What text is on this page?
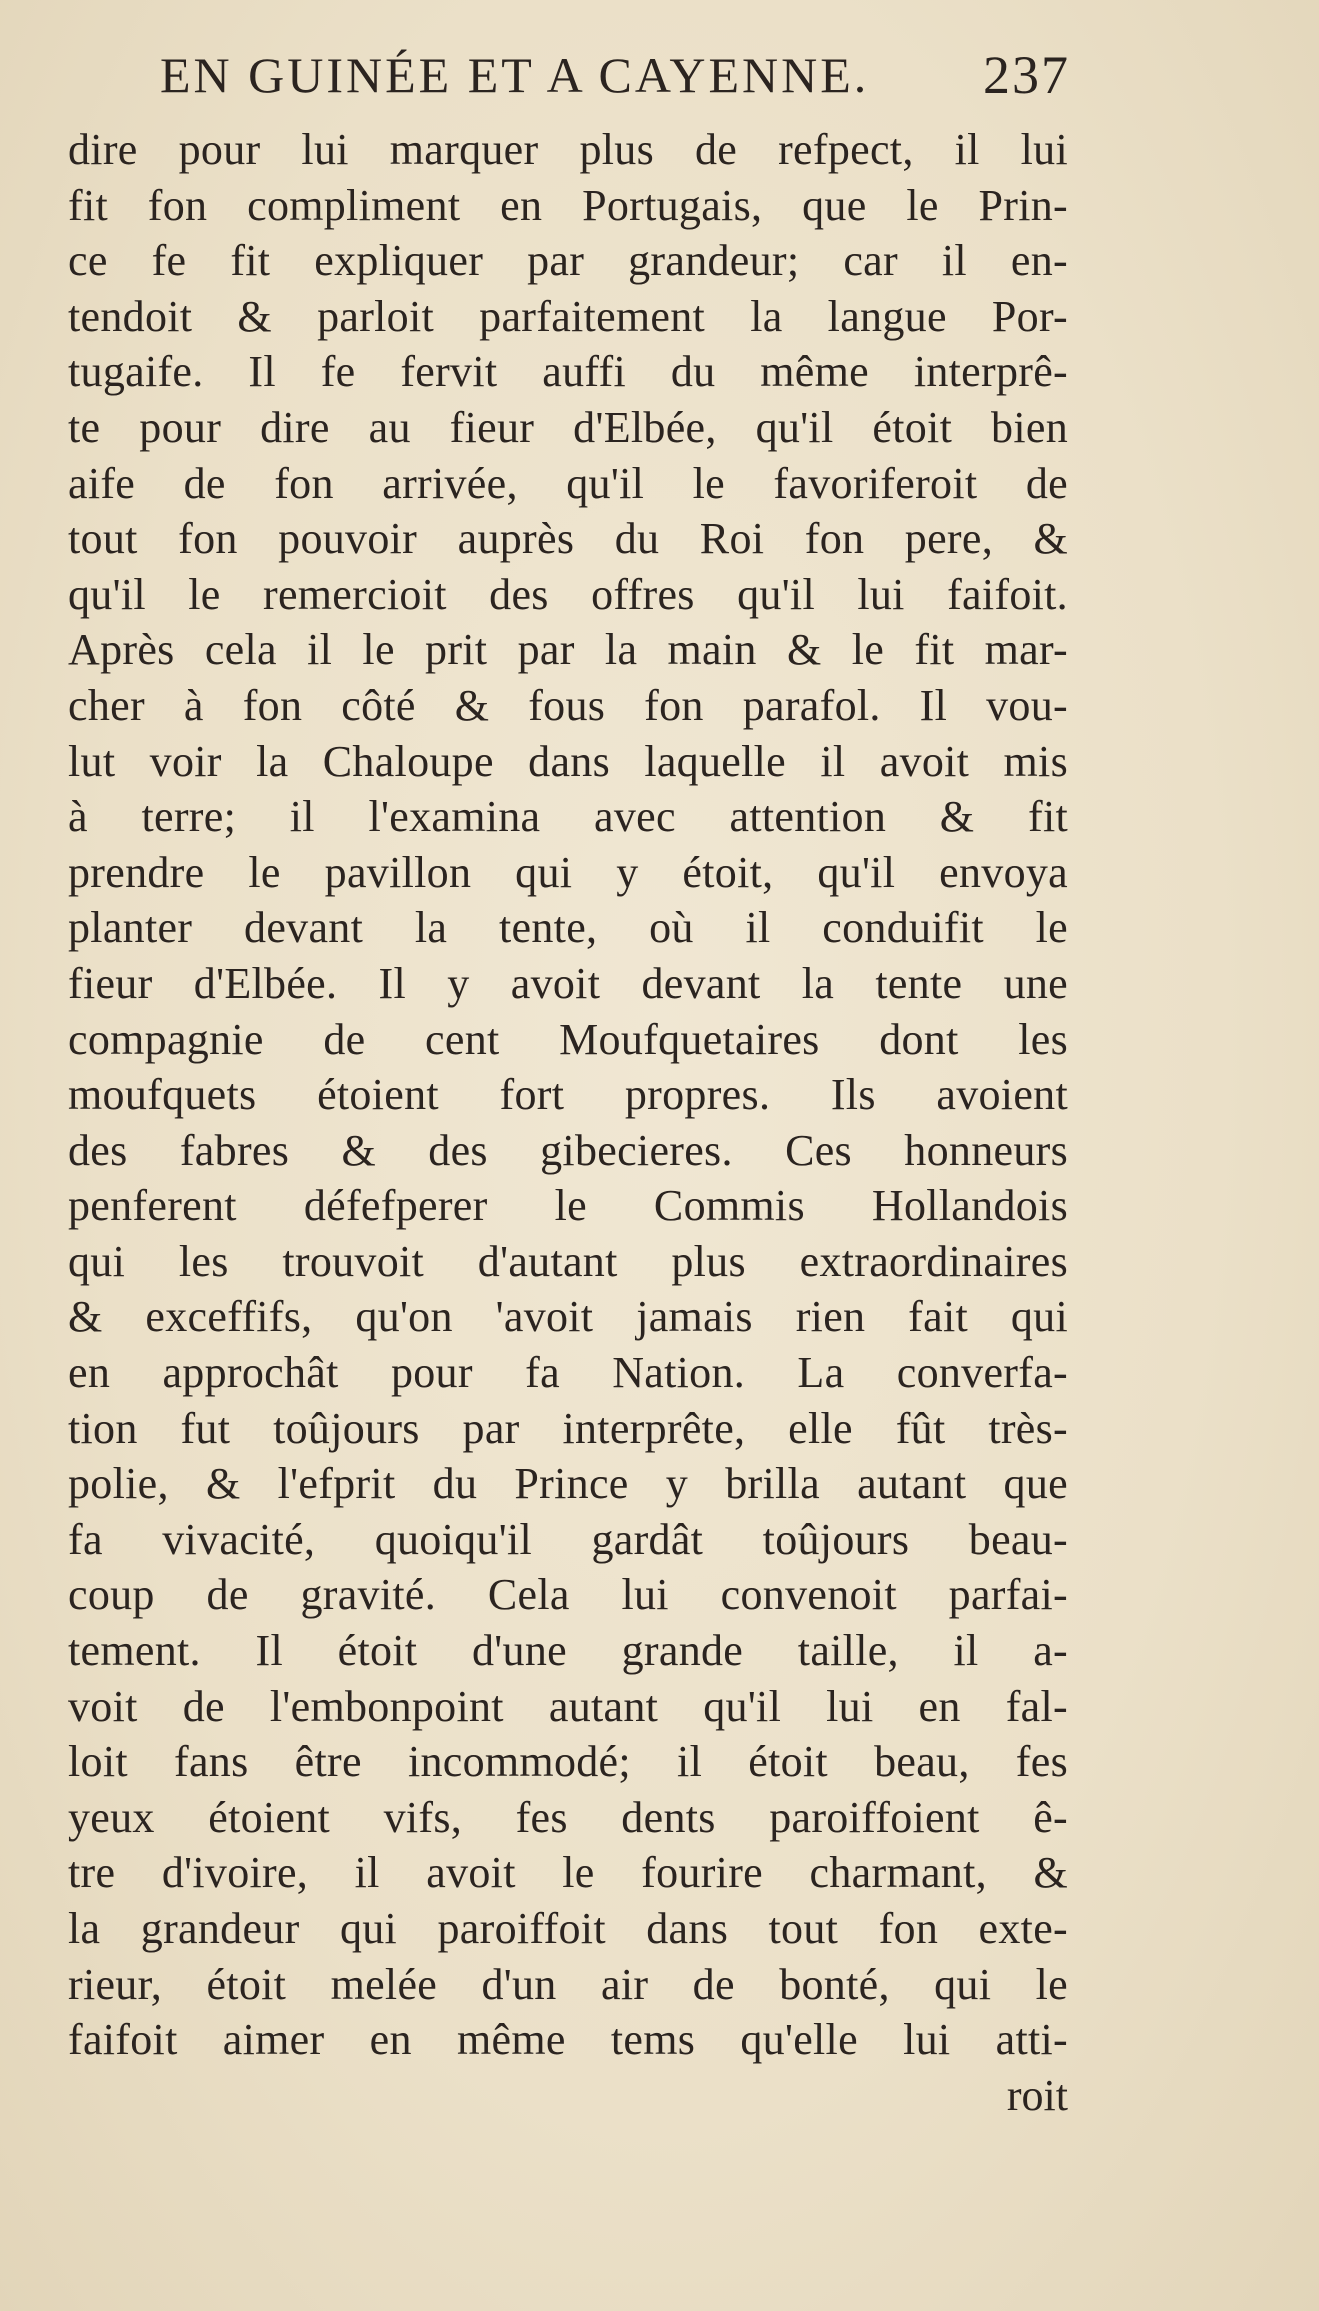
EN GUINÉE ET A CAYENNE. 237
dire pour lui marquer plus de refpect, il lui
fit fon compliment en Portugais, que le Prin-
ce fe fit expliquer par grandeur; car il en-
tendoit & parloit parfaitement la langue Por-
tugaife. Il fe fervit auffi du même interprê-
te pour dire au fieur d'Elbée, qu'il étoit bien
aife de fon arrivée, qu'il le favoriferoit de
tout fon pouvoir auprès du Roi fon pere, &
qu'il le remercioit des offres qu'il lui faifoit.
Après cela il le prit par la main & le fit mar-
cher à fon côté & fous fon parafol. Il vou-
lut voir la Chaloupe dans laquelle il avoit mis
à terre; il l'examina avec attention & fit
prendre le pavillon qui y étoit, qu'il envoya
planter devant la tente, où il conduifit le
fieur d'Elbée. Il y avoit devant la tente une
compagnie de cent Moufquetaires dont les
moufquets étoient fort propres. Ils avoient
des fabres & des gibecieres. Ces honneurs
penferent défefperer le Commis Hollandois
qui les trouvoit d'autant plus extraordinaires
& exceffifs, qu'on 'avoit jamais rien fait qui
en approchât pour fa Nation. La converfa-
tion fut toûjours par interprête, elle fût très-
polie, & l'efprit du Prince y brilla autant que
fa vivacité, quoiqu'il gardât toûjours beau-
coup de gravité. Cela lui convenoit parfai-
tement. Il étoit d'une grande taille, il a-
voit de l'embonpoint autant qu'il lui en fal-
loit fans être incommodé; il étoit beau, fes
yeux étoient vifs, fes dents paroiffoient ê-
tre d'ivoire, il avoit le fourire charmant, &
la grandeur qui paroiffoit dans tout fon exte-
rieur, étoit melée d'un air de bonté, qui le
faifoit aimer en même tems qu'elle lui atti-
roit
